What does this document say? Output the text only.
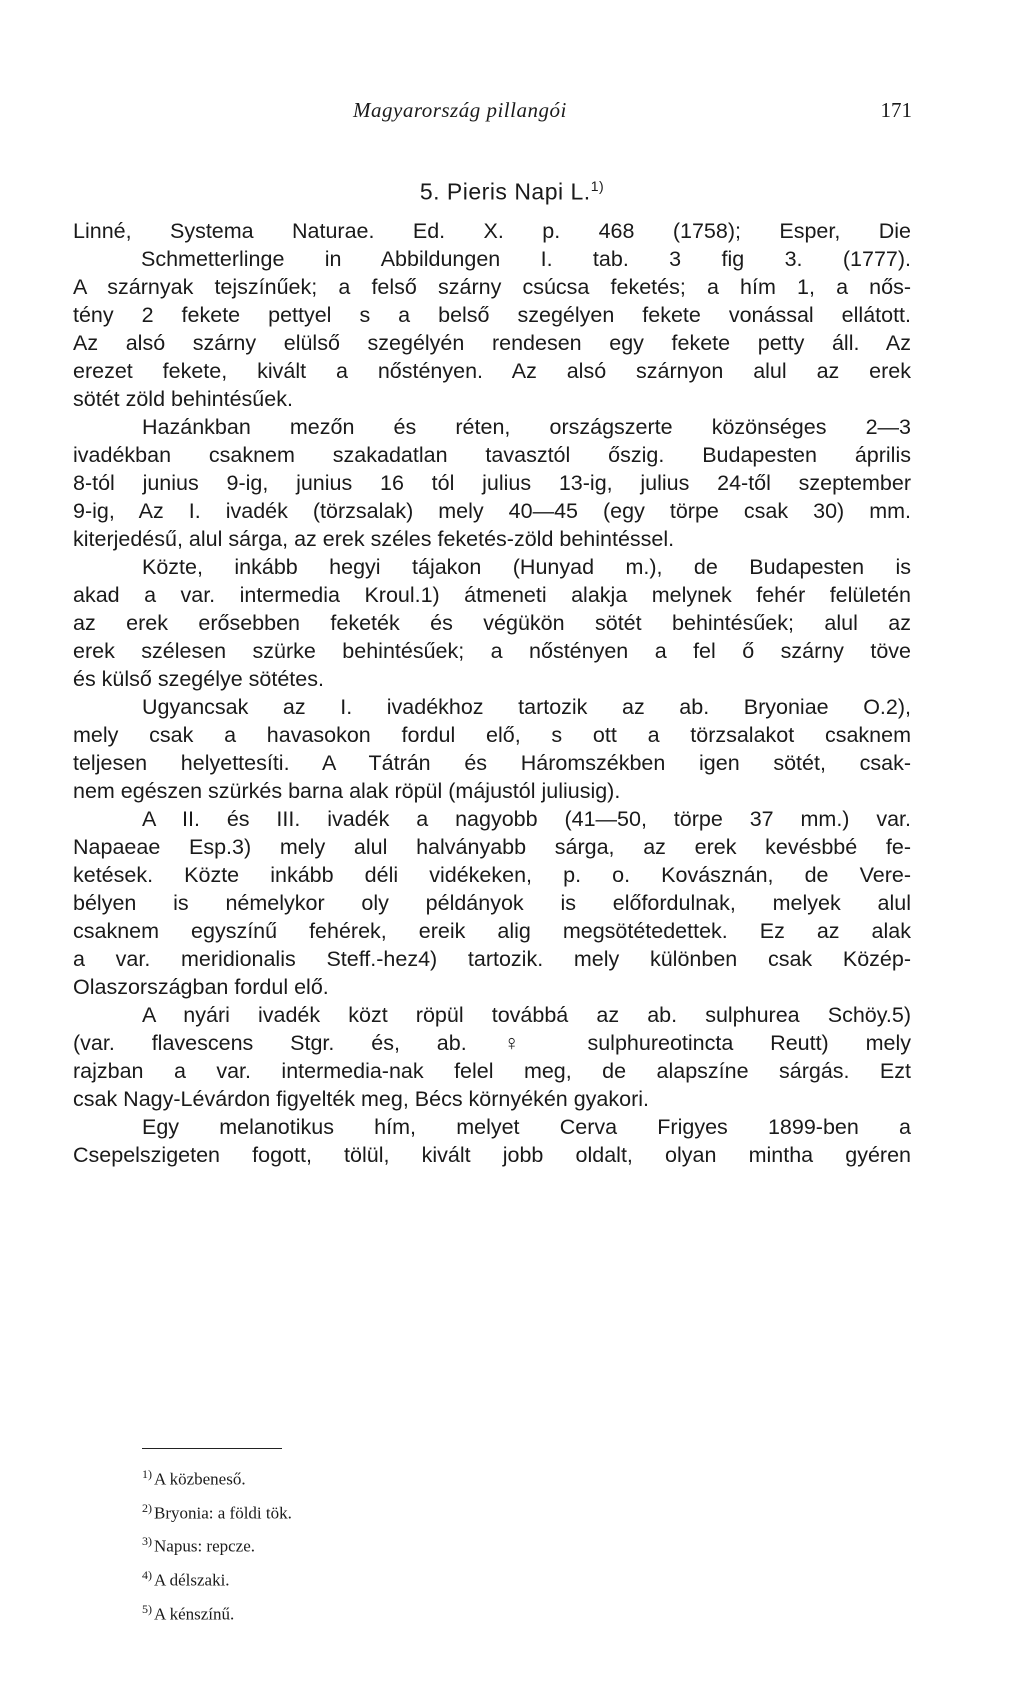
Magyarország pillangói	171
5. Pieris Napi L.$^{1)}$
Linné, Systema Naturae. Ed. X. p. 468 (1758); Esper, Die
Schmetterlinge in Abbildungen I. tab. 3 fig 3. (1777).
A szárnyak tejszínűek; a felső szárny csúcsa feketés; a hím 1, a nős-
tény 2 fekete pettyel s a belső szegélyen fekete vonással ellátott.
Az alsó szárny elülső szegélyén rendesen egy fekete petty áll. Az
erezet fekete, kivált a nőstényen. Az alsó szárnyon alul az erek
sötét zöld behintésűek.
Hazánkban mezőn és réten, országszerte közönséges 2—3
ivadékban csaknem szakadatlan tavasztól őszig. Budapesten április
8-tól junius 9-ig, junius 16 tól julius 13-ig, julius 24-től szeptember
9-ig, Az I. ivadék (törzsalak) mely 40—45 (egy törpe csak 30) mm.
kiterjedésű, alul sárga, az erek széles feketés-zöld behintéssel.
Közte, inkább hegyi tájakon (Hunyad m.), de Budapesten is
akad a var. intermedia Kroul.1) átmeneti alakja melynek fehér felületén
az erek erősebben feketék és végükön sötét behintésűek; alul az
erek szélesen szürke behintésűek; a nőstényen a fel ő szárny töve
és külső szegélye sötétes.
Ugyancsak az I. ivadékhoz tartozik az ab. Bryoniae O.2),
mely csak a havasokon fordul elő, s ott a törzsalakot csaknem
teljesen helyettesíti. A Tátrán és Háromszékben igen sötét, csak-
nem egészen szürkés barna alak röpül (májustól juliusig).
A II. és III. ivadék a nagyobb (41—50, törpe 37 mm.) var.
Napaeae Esp.3) mely alul halványabb sárga, az erek kevésbbé fe-
ketések. Közte inkább déli vidékeken, p. o. Kovásznán, de Vere-
bélyen is némelykor oly példányok is előfordulnak, melyek alul
csaknem egyszínű fehérek, ereik alig megsötétedettek. Ez az alak
a var. meridionalis Steff.-hez4) tartozik. mely különben csak Közép-
Olaszországban fordul elő.
A nyári ivadék közt röpül továbbá az ab. sulphurea Schöy.5)
(var. flavescens Stgr. és, ab. ♀ sulphureotincta Reutt) mely
rajzban a var. intermedia-nak felel meg, de alapszíne sárgás. Ezt
csak Nagy-Lévárdon figyelték meg, Bécs környékén gyakori.
Egy melanotikus hím, melyet Cerva Frigyes 1899-ben a
Csepelszigeten fogott, tölül, kivált jobb oldalt, olyan mintha gyéren
$^{1)}$ A közbeneső.
$^{2)}$ Bryonia: a földi tök.
$^{3)}$ Napus: repcze.
$^{4)}$ A délszaki.
$^{5)}$ A kénszínű.
